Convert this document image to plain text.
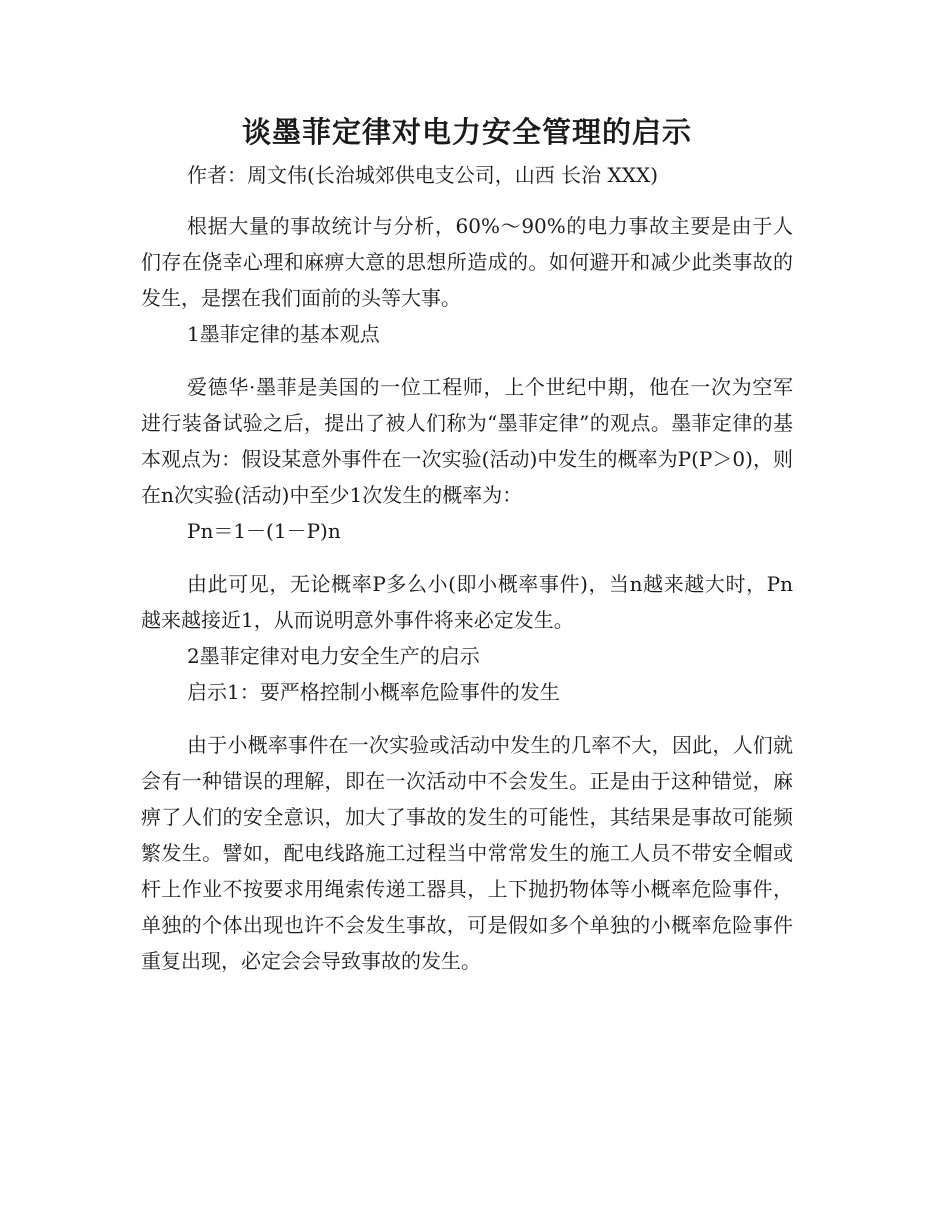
谈墨菲定律对电力安全管理的启示

作者：周文伟(长治城郊供电支公司，山西 长治 XXX)

根据大量的事故统计与分析，60%～90%的电力事故主要是由于人们存在侥幸心理和麻痹大意的思想所造成的。如何避开和减少此类事故的发生，是摆在我们面前的头等大事。

1墨菲定律的基本观点

爱德华·墨菲是美国的一位工程师，上个世纪中期，他在一次为空军进行装备试验之后，提出了被人们称为“墨菲定律”的观点。墨菲定律的基本观点为：假设某意外事件在一次实验(活动)中发生的概率为P(P＞0)，则在n次实验(活动)中至少1次发生的概率为：

Pn＝1－(1－P)n

由此可见，无论概率P多么小(即小概率事件)，当n越来越大时，Pn越来越接近1，从而说明意外事件将来必定发生。

2墨菲定律对电力安全生产的启示

启示1：要严格控制小概率危险事件的发生

由于小概率事件在一次实验或活动中发生的几率不大，因此，人们就会有一种错误的理解，即在一次活动中不会发生。正是由于这种错觉，麻痹了人们的安全意识，加大了事故的发生的可能性，其结果是事故可能频繁发生。譬如，配电线路施工过程当中常常发生的施工人员不带安全帽或杆上作业不按要求用绳索传递工器具，上下抛扔物体等小概率危险事件，单独的个体出现也许不会发生事故，可是假如多个单独的小概率危险事件重复出现，必定会会导致事故的发生。
